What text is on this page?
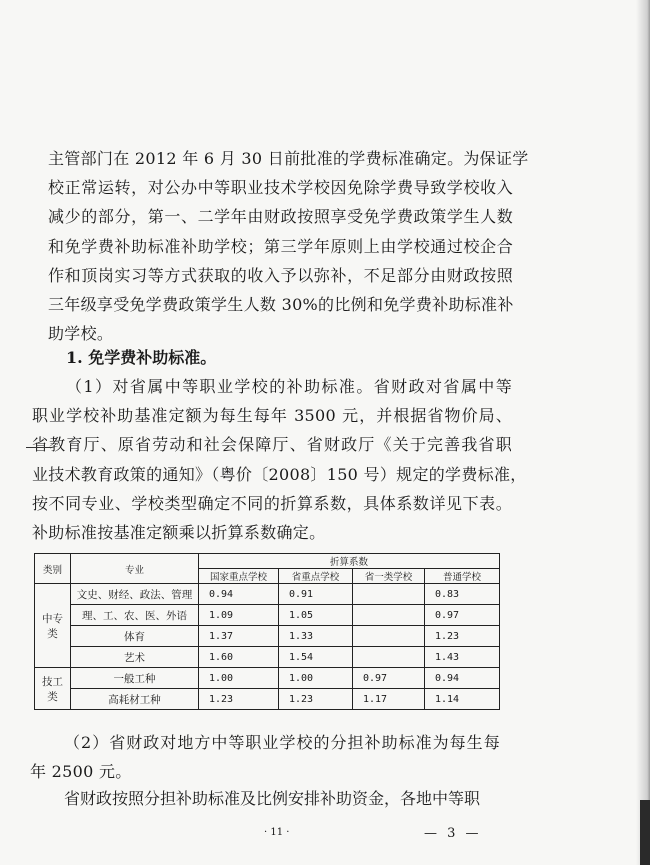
主管部门在 2012 年 6 月 30 日前批准的学费标准确定。为保证学
校正常运转，对公办中等职业技术学校因免除学费导致学校收入
减少的部分，第一、二学年由财政按照享受免学费政策学生人数
和免学费补助标准补助学校；第三学年原则上由学校通过校企合
作和顶岗实习等方式获取的收入予以弥补，不足部分由财政按照
三年级享受免学费政策学生人数 30%的比例和免学费补助标准补
助学校。
1. 免学费补助标准。
（1）对省属中等职业学校的补助标准。省财政对省属中等
职业学校补助基准定额为每生每年 3500 元，并根据省物价局、
省教育厅、原省劳动和社会保障厅、省财政厅《关于完善我省职
业技术教育政策的通知》（粤价〔2008〕150 号）规定的学费标准，
按不同专业、学校类型确定不同的折算系数，具体系数详见下表。
补助标准按基准定额乘以折算系数确定。
类别	专业	折算系数			
		国家重点学校	省重点学校	省一类学校	普通学校
中专类	文史、财经、政法、管理	0.94	0.91		0.83
	理、工、农、医、外语	1.09	1.05		0.97
	体育	1.37	1.33		1.23
	艺术	1.60	1.54		1.43
技工类	一般工种	1.00	1.00	0.97	0.94
	高耗材工种	1.23	1.23	1.17	1.14
（2）省财政对地方中等职业学校的分担补助标准为每生每
年 2500 元。
省财政按照分担补助标准及比例安排补助资金，各地中等职
· 11 ·	— 3 —
